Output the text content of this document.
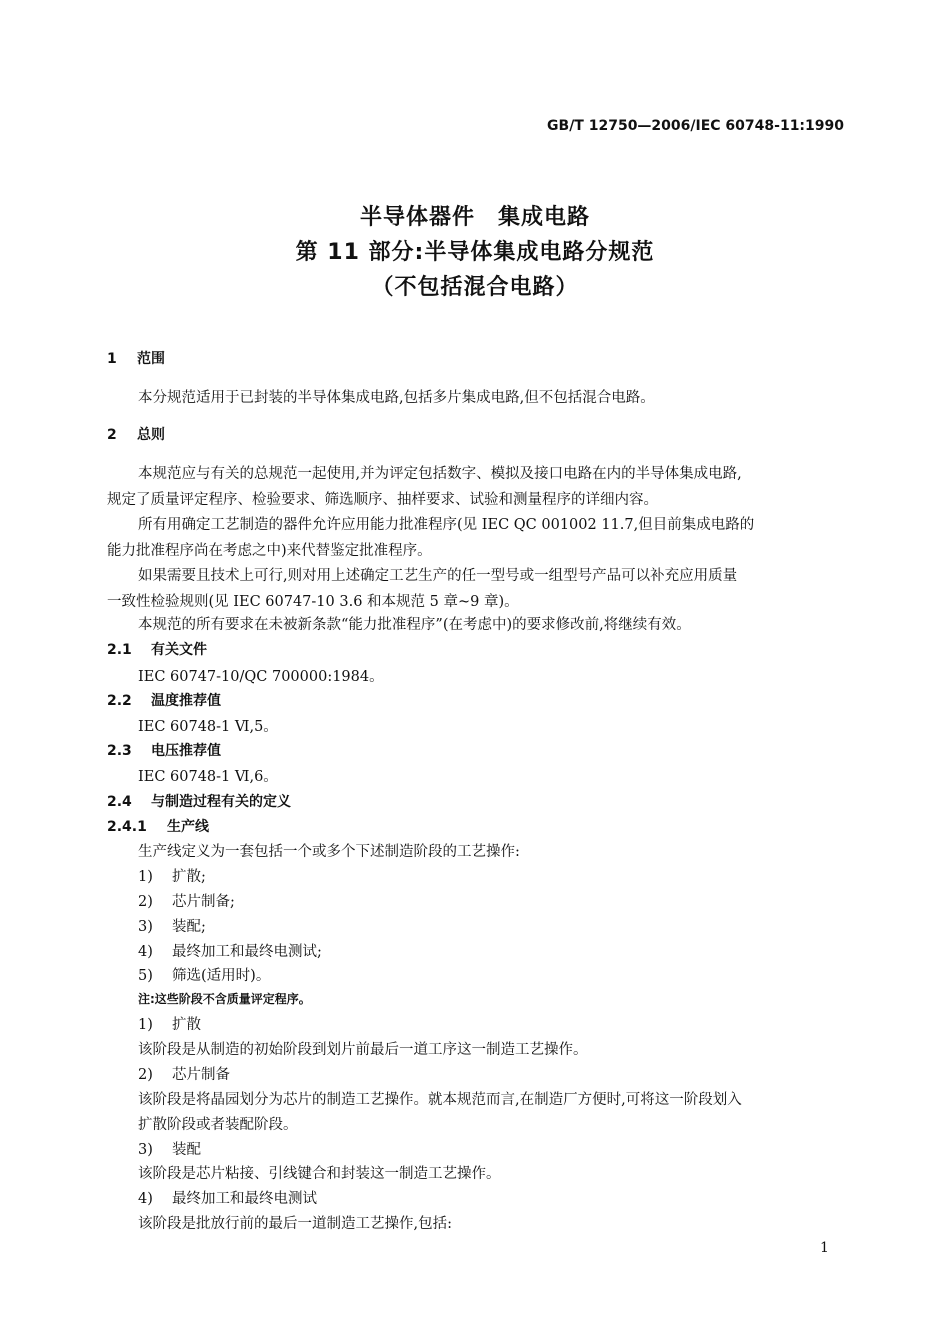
GB/T 12750—2006/IEC 60748-11:1990
半导体器件　集成电路
第 11 部分:半导体集成电路分规范
（不包括混合电路）
1 范围
本分规范适用于已封装的半导体集成电路,包括多片集成电路,但不包括混合电路。
2 总则
本规范应与有关的总规范一起使用,并为评定包括数字、模拟及接口电路在内的半导体集成电路,
规定了质量评定程序、检验要求、筛选顺序、抽样要求、试验和测量程序的详细内容。
所有用确定工艺制造的器件允许应用能力批准程序(见 IEC QC 001002 11.7,但目前集成电路的
能力批准程序尚在考虑之中)来代替鉴定批准程序。
如果需要且技术上可行,则对用上述确定工艺生产的任一型号或一组型号产品可以补充应用质量
一致性检验规则(见 IEC 60747-10 3.6 和本规范 5 章~9 章)。
本规范的所有要求在未被新条款“能力批准程序”(在考虑中)的要求修改前,将继续有效。
2.1 有关文件
IEC 60747-10/QC 700000:1984。
2.2 温度推荐值
IEC 60748-1 Ⅵ,5。
2.3 电压推荐值
IEC 60748-1 Ⅵ,6。
2.4 与制造过程有关的定义
2.4.1 生产线
生产线定义为一套包括一个或多个下述制造阶段的工艺操作:
1) 扩散;
2) 芯片制备;
3) 装配;
4) 最终加工和最终电测试;
5) 筛选(适用时)。
注:这些阶段不含质量评定程序。
1) 扩散
该阶段是从制造的初始阶段到划片前最后一道工序这一制造工艺操作。
2) 芯片制备
该阶段是将晶园划分为芯片的制造工艺操作。就本规范而言,在制造厂方便时,可将这一阶段划入
扩散阶段或者装配阶段。
3) 装配
该阶段是芯片粘接、引线键合和封装这一制造工艺操作。
4) 最终加工和最终电测试
该阶段是批放行前的最后一道制造工艺操作,包括:
1
